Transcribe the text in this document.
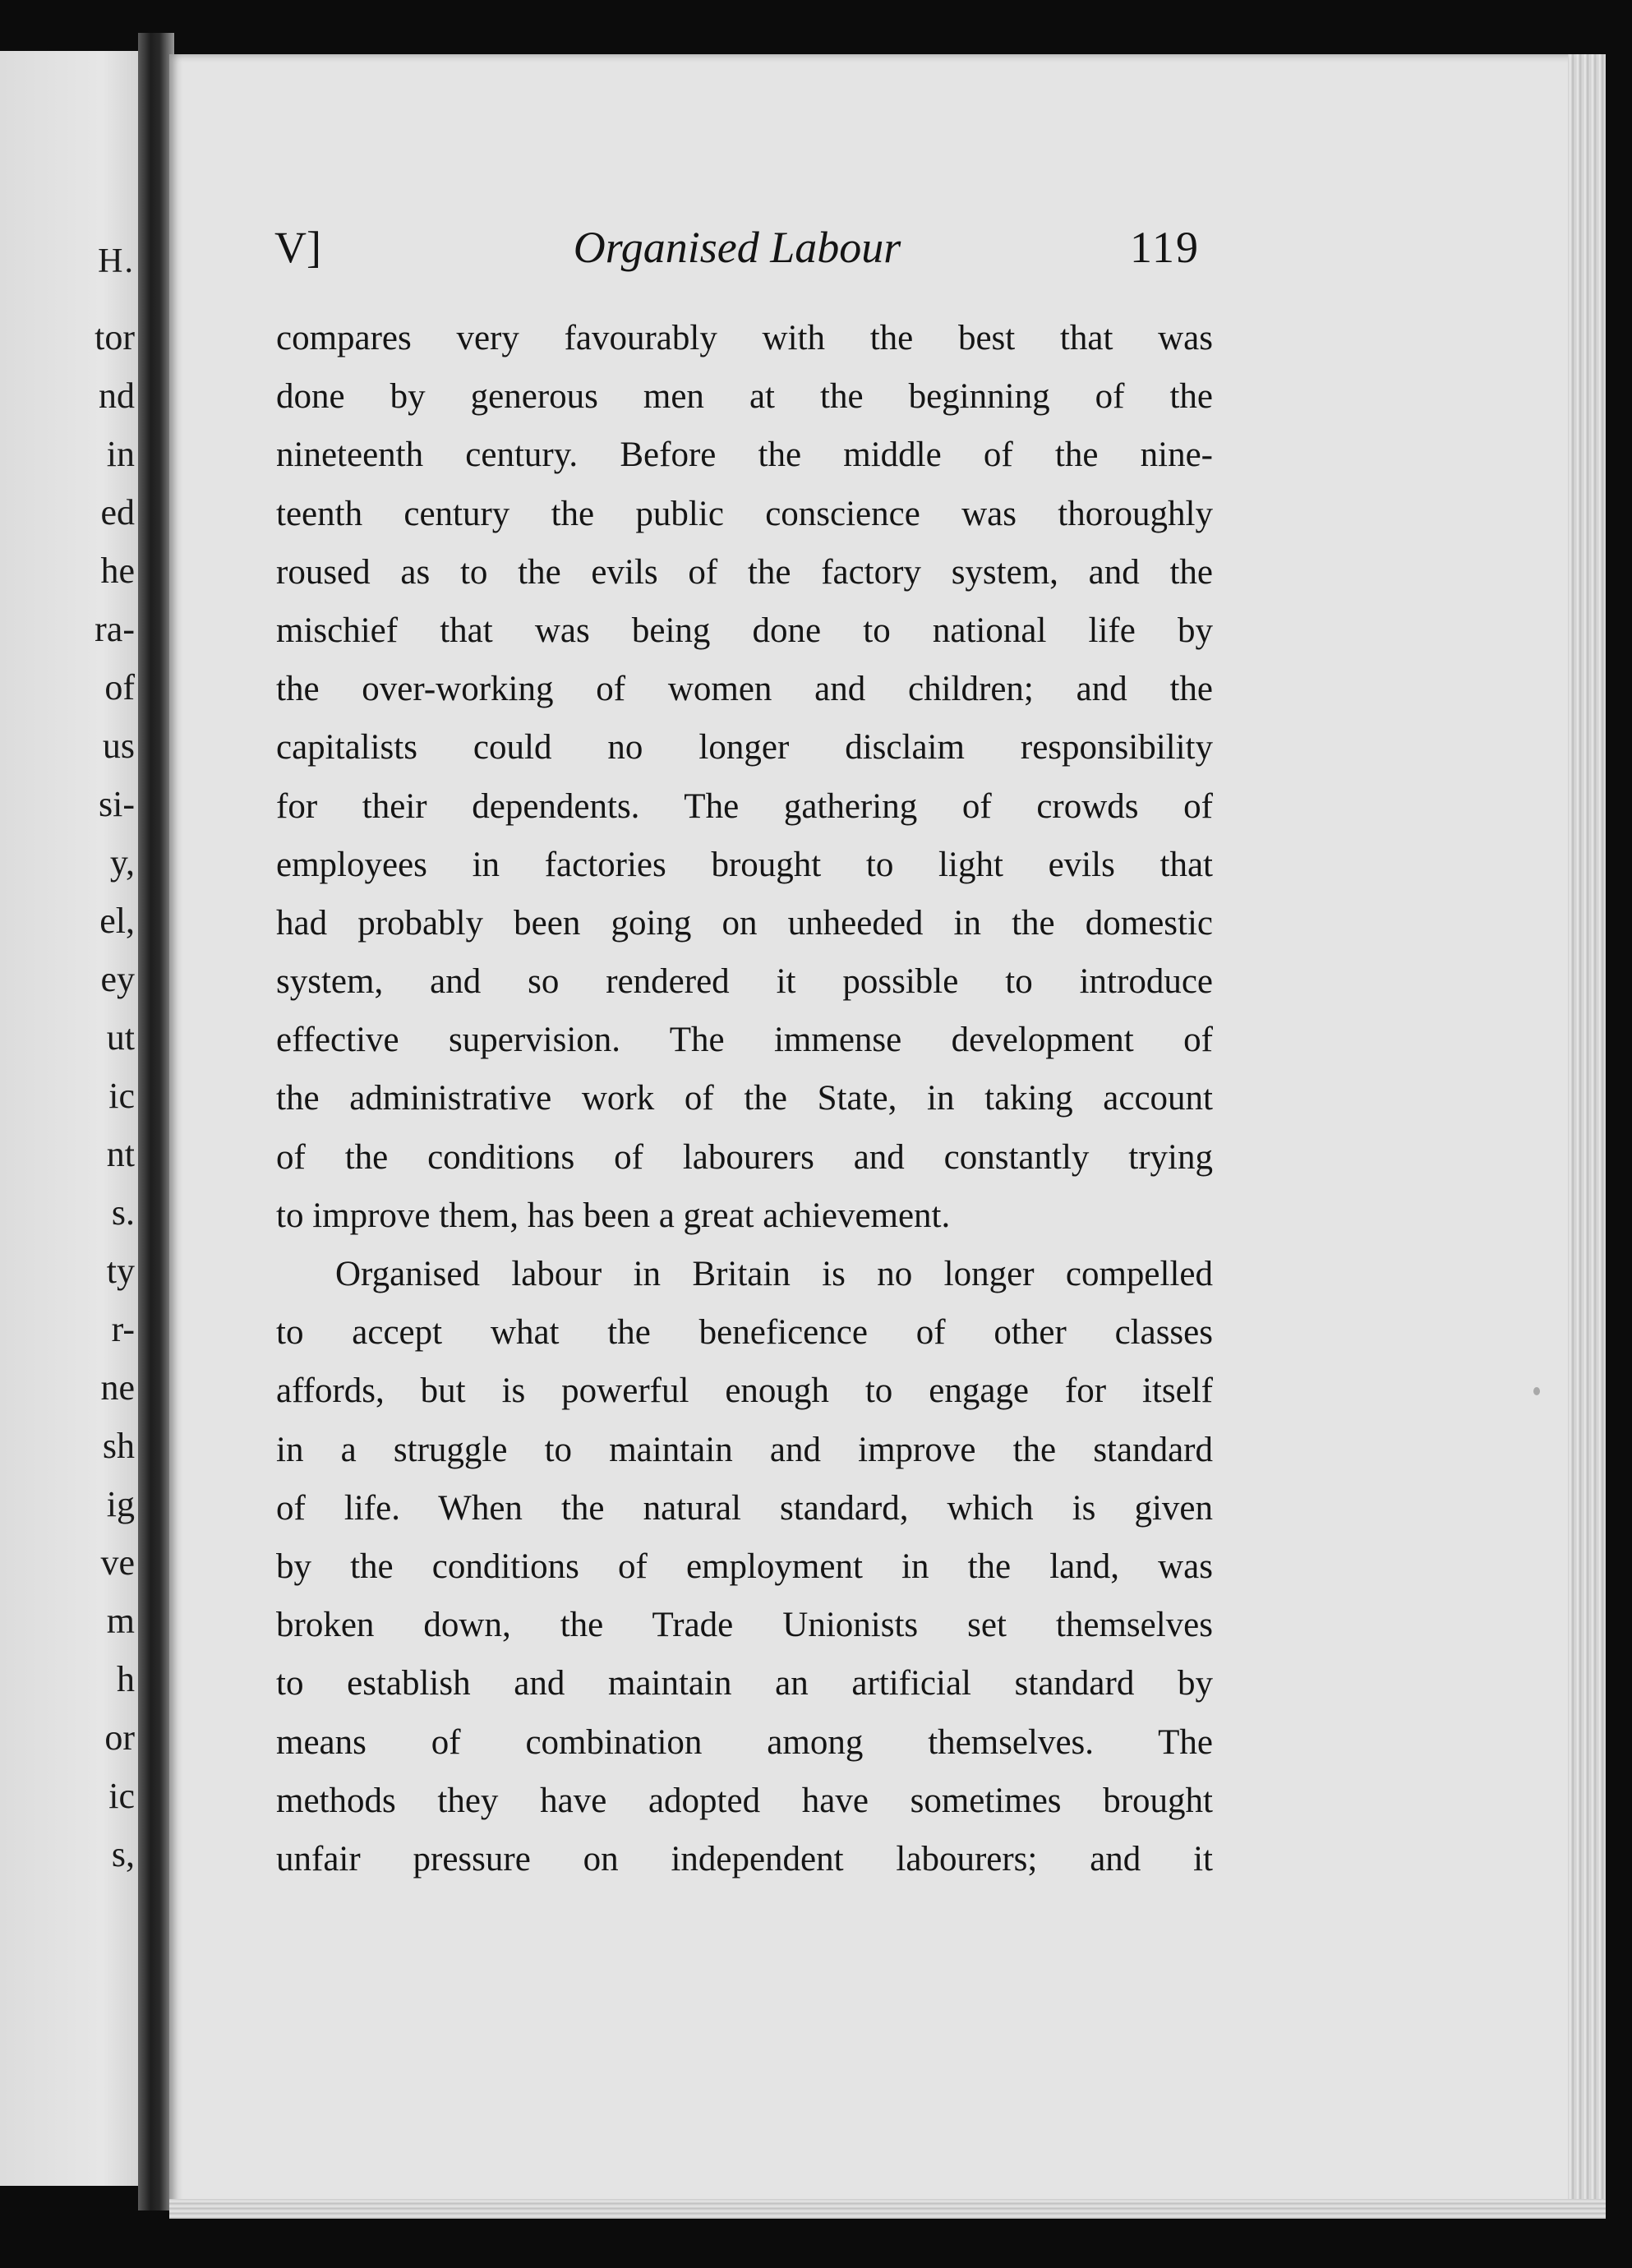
H.
tor
nd
in
ed
he
ra-
of
us
si-
y,
el,
ey
ut
ic
nt
s.
ty
r-
ne
sh
ig
ve
m
h
or
ic
s,
V]	Organised Labour	119
compares very favourably with the best that was
done by generous men at the beginning of the
nineteenth century. Before the middle of the nine-
teenth century the public conscience was thoroughly
roused as to the evils of the factory system, and the
mischief that was being done to national life by
the over-working of women and children; and the
capitalists could no longer disclaim responsibility
for their dependents. The gathering of crowds of
employees in factories brought to light evils that
had probably been going on unheeded in the domestic
system, and so rendered it possible to introduce
effective supervision. The immense development of
the administrative work of the State, in taking account
of the conditions of labourers and constantly trying
to improve them, has been a great achievement.
Organised labour in Britain is no longer compelled
to accept what the beneficence of other classes
affords, but is powerful enough to engage for itself
in a struggle to maintain and improve the standard
of life. When the natural standard, which is given
by the conditions of employment in the land, was
broken down, the Trade Unionists set themselves
to establish and maintain an artificial standard by
means of combination among themselves. The
methods they have adopted have sometimes brought
unfair pressure on independent labourers; and it
